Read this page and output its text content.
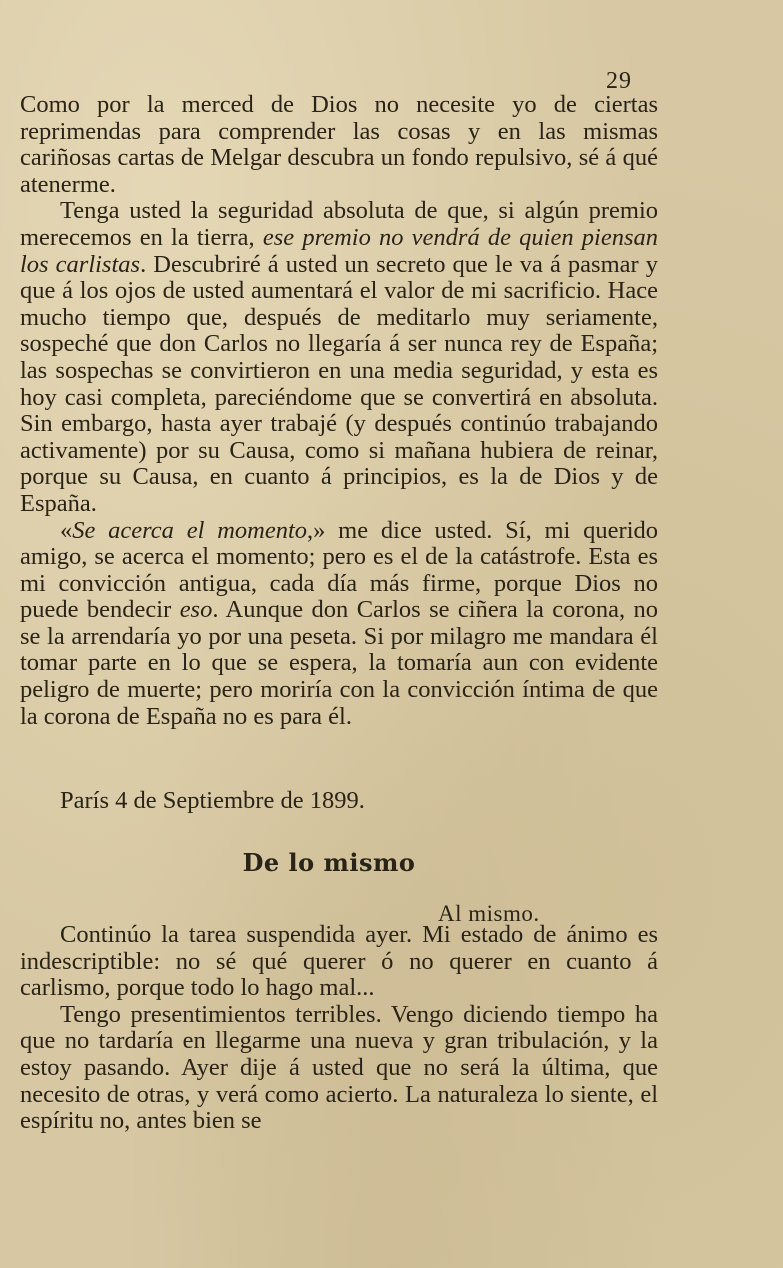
29

Como por la merced de Dios no necesite yo de ciertas reprimendas para comprender las cosas y en las mismas cariñosas cartas de Melgar descubra un fondo repulsivo, sé á qué atenerme.

Tenga usted la seguridad absoluta de que, si algún premio merecemos en la tierra, ese premio no vendrá de quien piensan los carlistas. Descubriré á usted un secreto que le va á pasmar y que á los ojos de usted aumentará el valor de mi sacrificio. Hace mucho tiempo que, después de meditarlo muy seriamente, sospeché que don Carlos no llegaría á ser nunca rey de España; las sospechas se convirtieron en una media seguridad, y esta es hoy casi completa, pareciéndome que se convertirá en absoluta. Sin embargo, hasta ayer trabajé (y después continúo trabajando activamente) por su Causa, como si mañana hubiera de reinar, porque su Causa, en cuanto á principios, es la de Dios y de España.

«Se acerca el momento,» me dice usted. Sí, mi querido amigo, se acerca el momento; pero es el de la catástrofe. Esta es mi convicción antigua, cada día más firme, porque Dios no puede bendecir eso. Aunque don Carlos se ciñera la corona, no se la arrendaría yo por una peseta. Si por milagro me mandara él tomar parte en lo que se espera, la tomaría aun con evidente peligro de muerte; pero moriría con la convicción íntima de que la corona de España no es para él.

París 4 de Septiembre de 1899.
De lo mismo
Al mismo.

Continúo la tarea suspendida ayer. Mi estado de ánimo es indescriptible: no sé qué querer ó no querer en cuanto á carlismo, porque todo lo hago mal...

Tengo presentimientos terribles. Vengo diciendo tiempo ha que no tardaría en llegarme una nueva y gran tribulación, y la estoy pasando. Ayer dije á usted que no será la última, que necesito de otras, y verá como acierto. La naturaleza lo siente, el espíritu no, antes bien se
